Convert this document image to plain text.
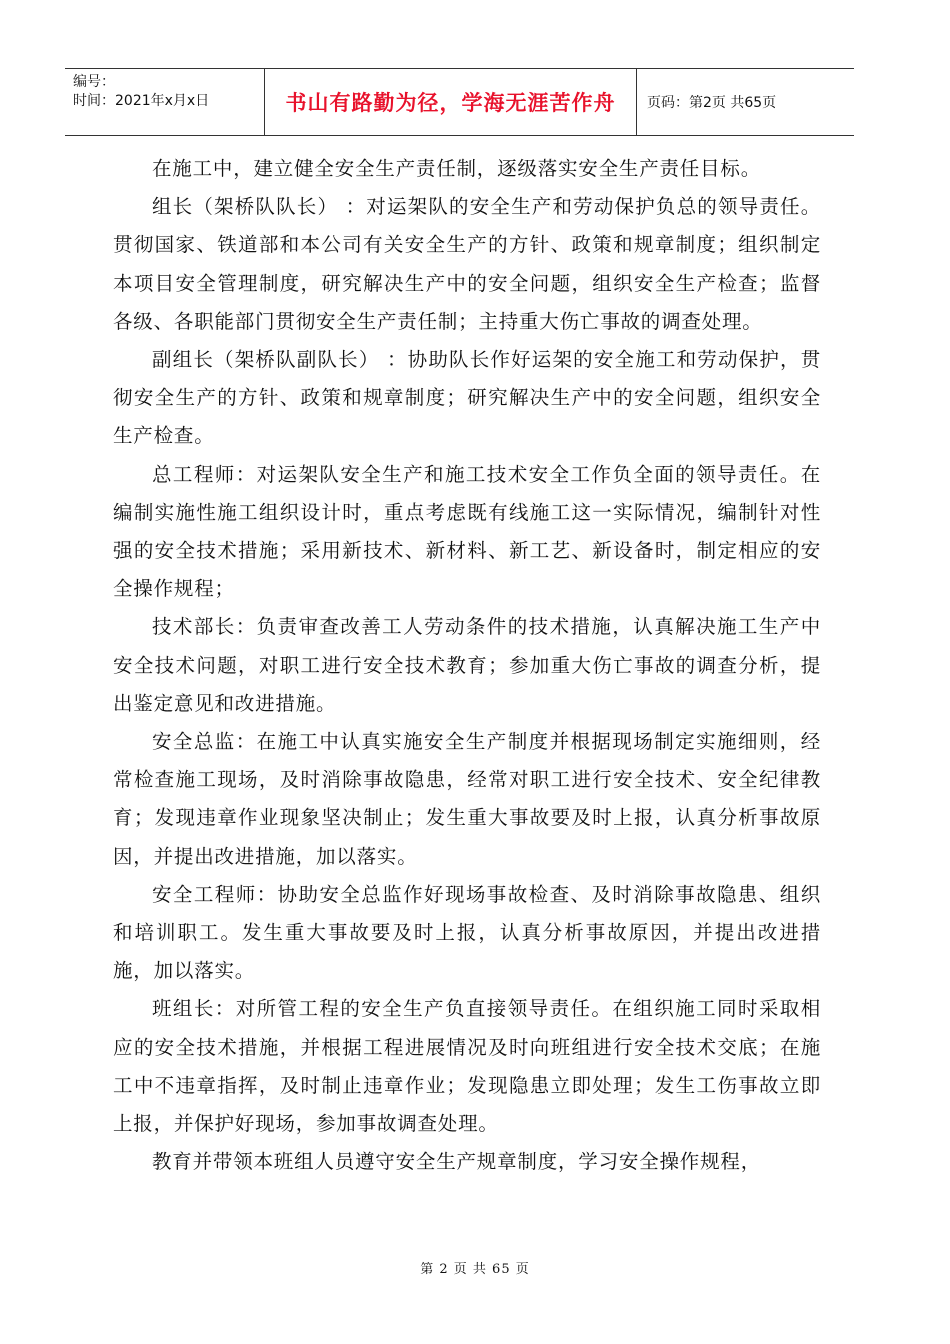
编号：
时间：2021年x月x日	书山有路勤为径，学海无涯苦作舟	页码：第2页 共65页

在施工中，建立健全安全生产责任制，逐级落实安全生产责任目标。

组长（架桥队队长） ：对运架队的安全生产和劳动保护负总的领导责任。贯彻国家、铁道部和本公司有关安全生产的方针、政策和规章制度；组织制定本项目安全管理制度，研究解决生产中的安全问题，组织安全生产检查；监督各级、各职能部门贯彻安全生产责任制；主持重大伤亡事故的调查处理。

副组长（架桥队副队长） ：协助队长作好运架的安全施工和劳动保护，贯彻安全生产的方针、政策和规章制度；研究解决生产中的安全问题，组织安全生产检查。

总工程师：对运架队安全生产和施工技术安全工作负全面的领导责任。在编制实施性施工组织设计时，重点考虑既有线施工这一实际情况，编制针对性强的安全技术措施；采用新技术、新材料、新工艺、新设备时，制定相应的安全操作规程；

技术部长：负责审查改善工人劳动条件的技术措施，认真解决施工生产中安全技术问题，对职工进行安全技术教育；参加重大伤亡事故的调查分析，提出鉴定意见和改进措施。

安全总监：在施工中认真实施安全生产制度并根据现场制定实施细则，经常检查施工现场，及时消除事故隐患，经常对职工进行安全技术、安全纪律教育；发现违章作业现象坚决制止；发生重大事故要及时上报，认真分析事故原因，并提出改进措施，加以落实。

安全工程师：协助安全总监作好现场事故检查、及时消除事故隐患、组织和培训职工。发生重大事故要及时上报，认真分析事故原因，并提出改进措施，加以落实。

班组长：对所管工程的安全生产负直接领导责任。在组织施工同时采取相应的安全技术措施，并根据工程进展情况及时向班组进行安全技术交底；在施工中不违章指挥，及时制止违章作业；发现隐患立即处理；发生工伤事故立即上报，并保护好现场，参加事故调查处理。

教育并带领本班组人员遵守安全生产规章制度，学习安全操作规程，

第 2 页 共 65 页
